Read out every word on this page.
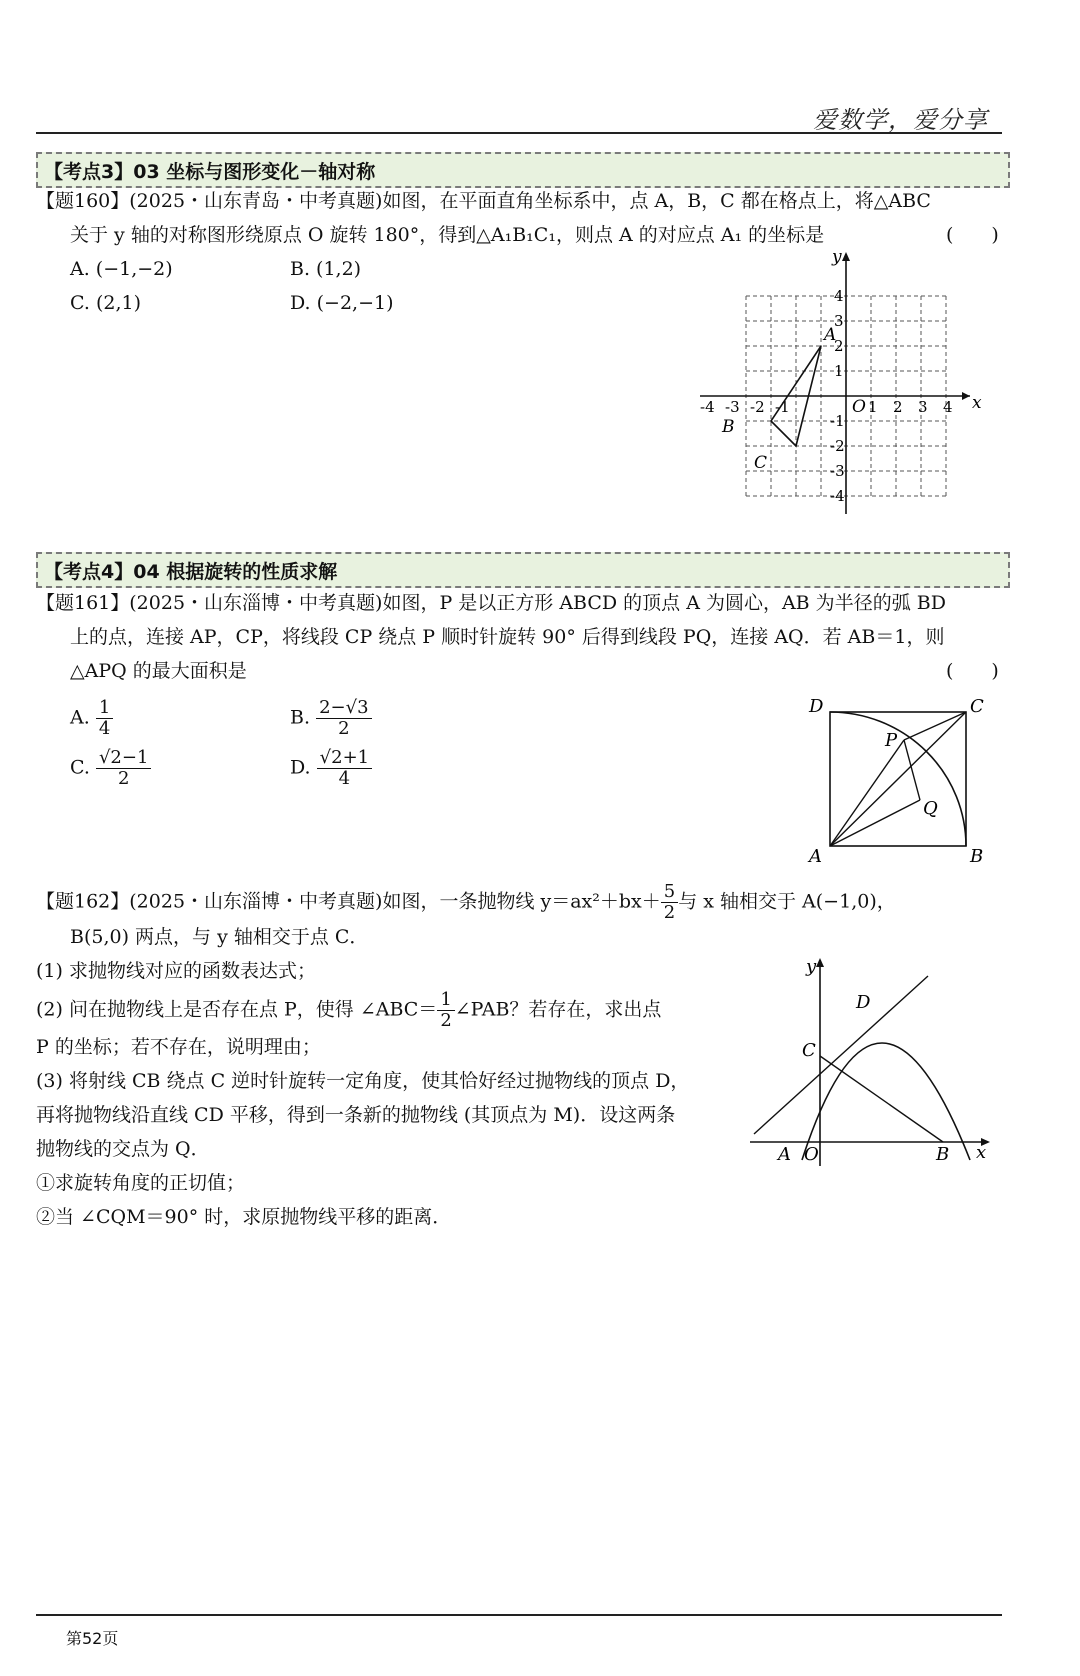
爱数学，爱分享
【考点3】03 坐标与图形变化－轴对称
【题160】(2025・山东青岛・中考真题)如图，在平面直角坐标系中，点 A，B，C 都在格点上，将△ABC
关于 y 轴的对称图形绕原点 O 旋转 180°，得到△A₁B₁C₁，则点 A 的对应点 A₁ 的坐标是	(　　)
A. (−1,−2)	B. (1,2)
C. (2,1)	D. (−2,−1)
y
x
O 1 2 3 4
-4 -3 -2 -1
1
2
3
4
-1
-2
-3
-4
A
B
C
【考点4】04 根据旋转的性质求解
【题161】(2025・山东淄博・中考真题)如图，P 是以正方形 ABCD 的顶点 A 为圆心，AB 为半径的弧 BD
上的点，连接 AP，CP，将线段 CP 绕点 P 顺时针旋转 90° 后得到线段 PQ，连接 AQ．若 AB＝1，则
△APQ 的最大面积是	(　　)
A. $\frac{1}{4}$	B. $\frac{2-√3}{2}$
C. $\frac{√2-1}{2}$	D. $\frac{√2+1}{4}$
D	C
P
Q
A	B
【题162】(2025・山东淄博・中考真题)如图，一条抛物线 $y=ax^2+bx+ \frac{5}{2}$ 与 x 轴相交于 A(−1,0)，
B(5,0) 两点，与 y 轴相交于点 C．
(1) 求抛物线对应的函数表达式；
(2) 问在抛物线上是否存在点 P，使得 ∠ABC＝ $\frac{1}{2}$ ∠PAB？若存在，求出点
P 的坐标；若不存在，说明理由；
(3) 将射线 CB 绕点 C 逆时针旋转一定角度，使其恰好经过抛物线的顶点 D，
再将抛物线沿直线 CD 平移，得到一条新的抛物线 (其顶点为 M)．设这两条
抛物线的交点为 Q．
①求旋转角度的正切值；
②当 ∠CQM＝90° 时，求原抛物线平移的距离．
y
x
O
A	B
C
D
第52页
